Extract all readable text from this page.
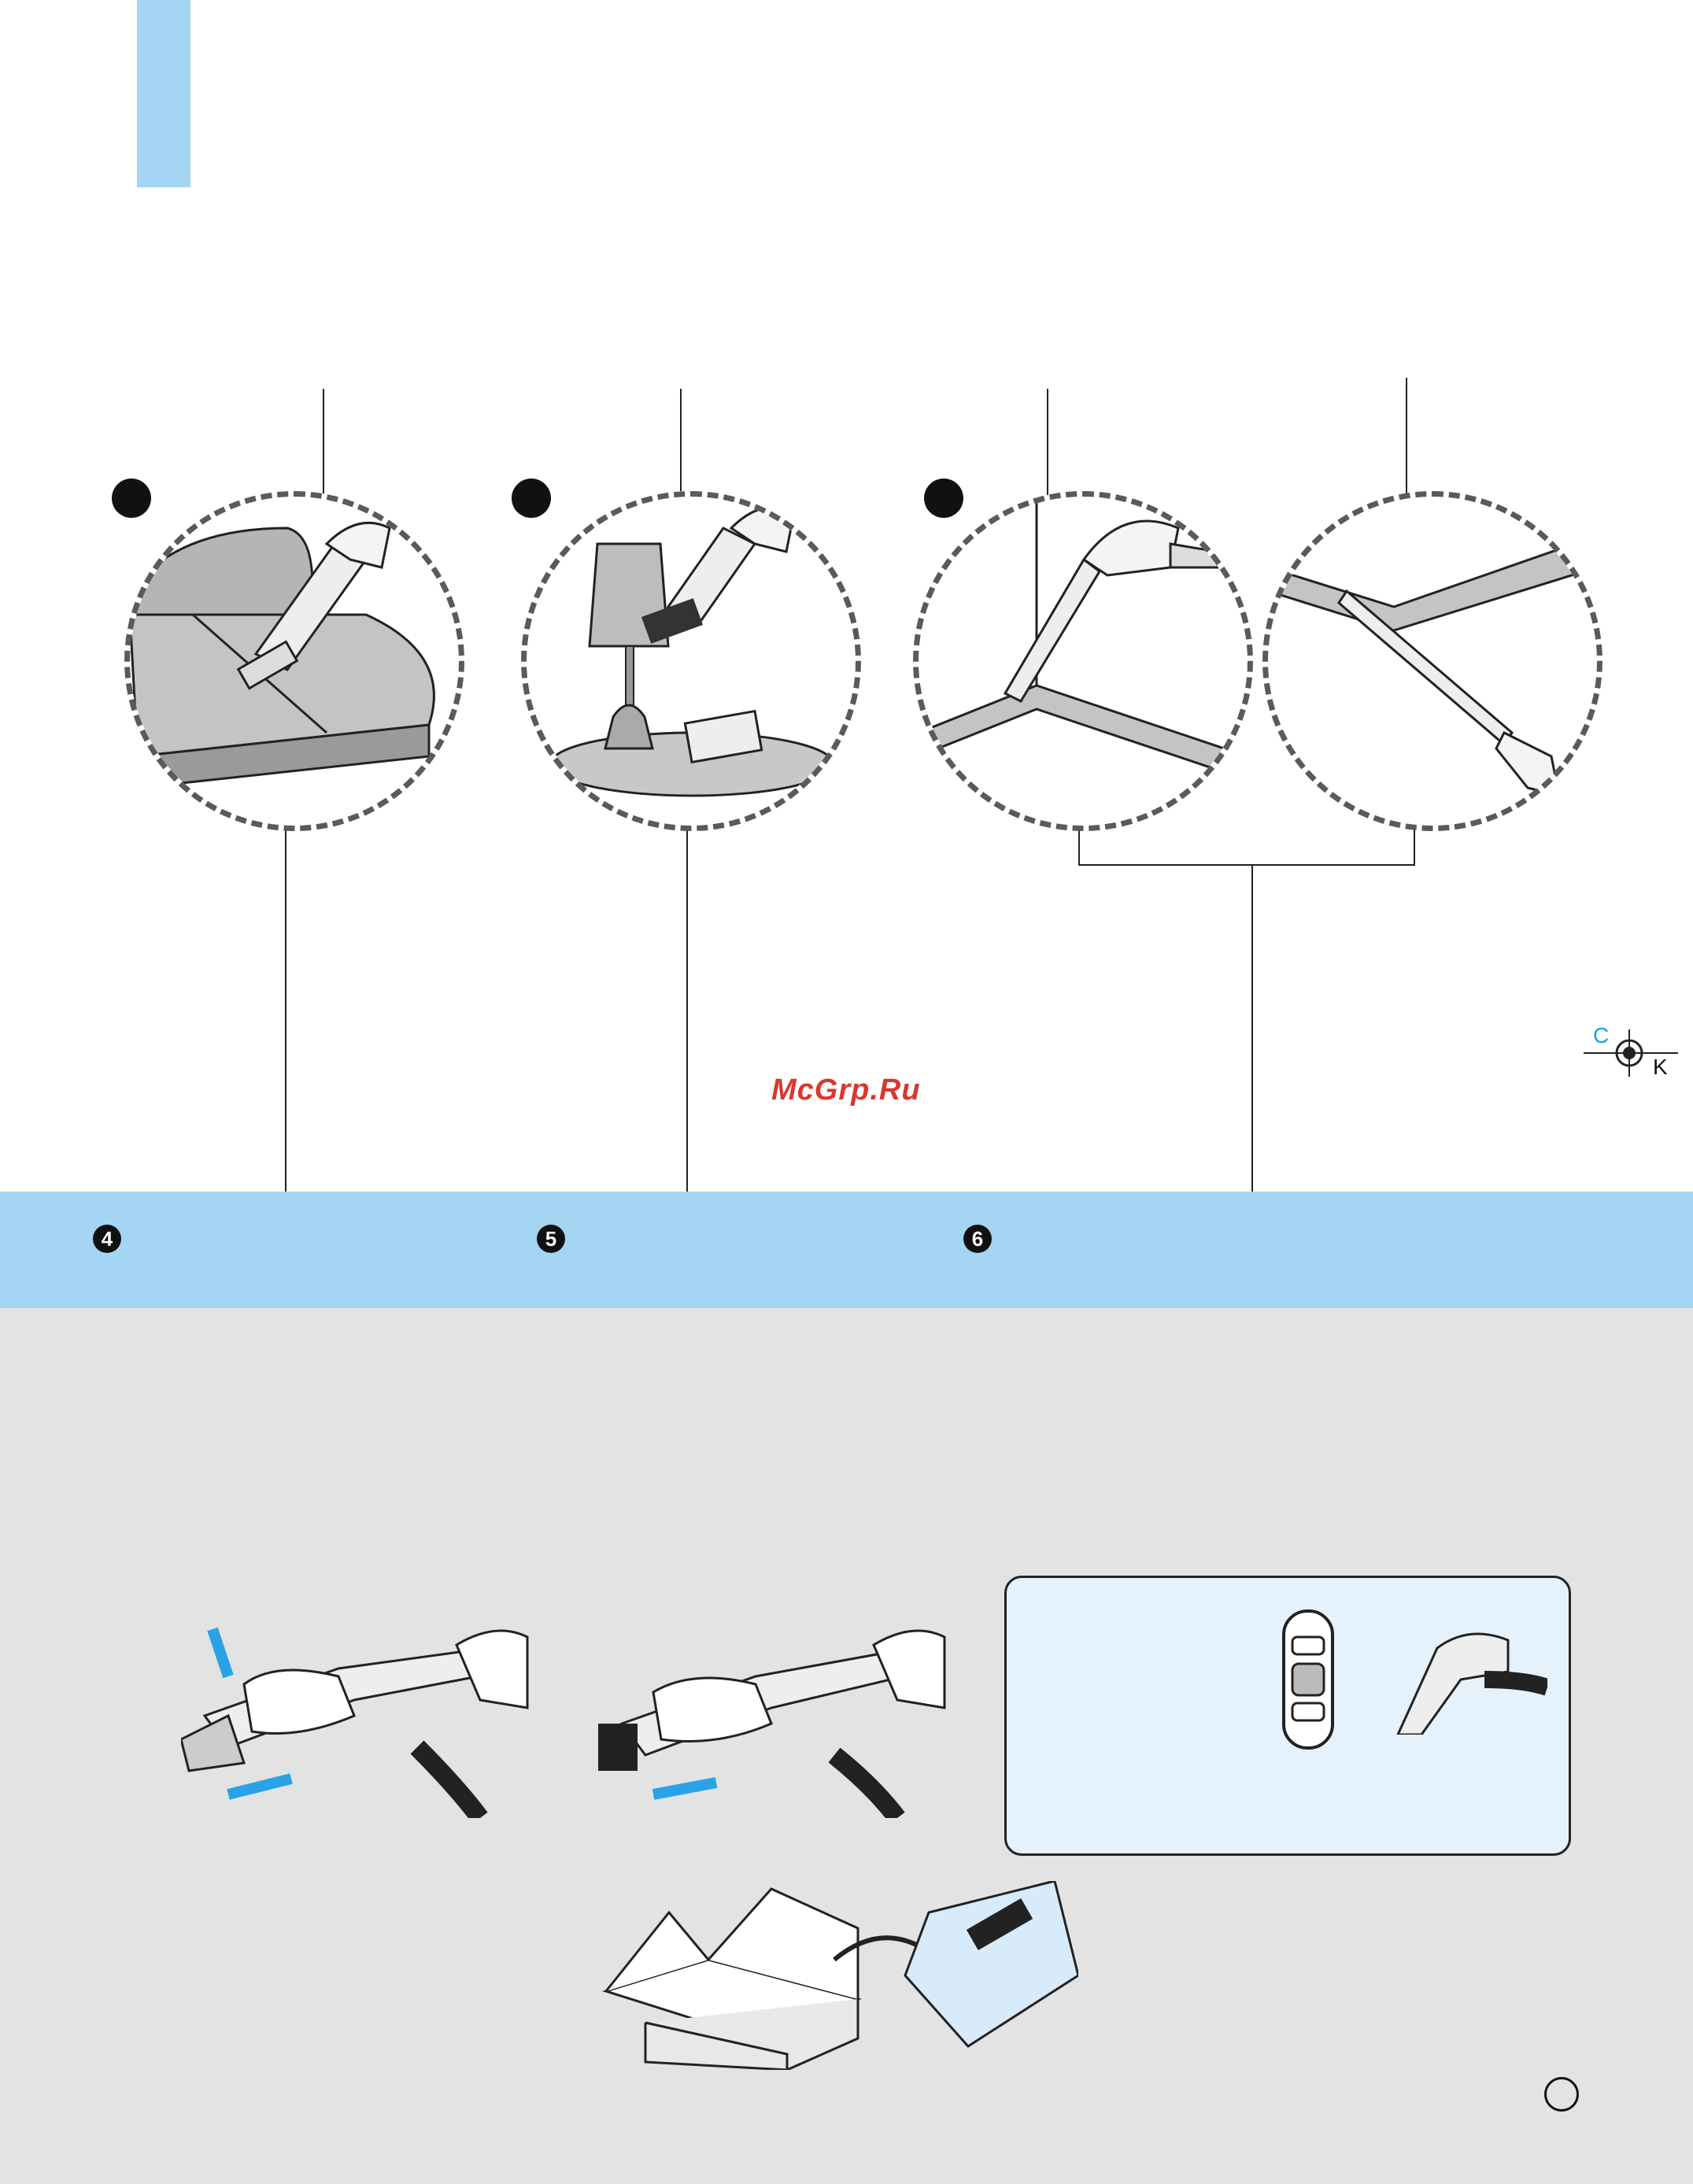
4	5	6
McGrp.Ru
C
K
